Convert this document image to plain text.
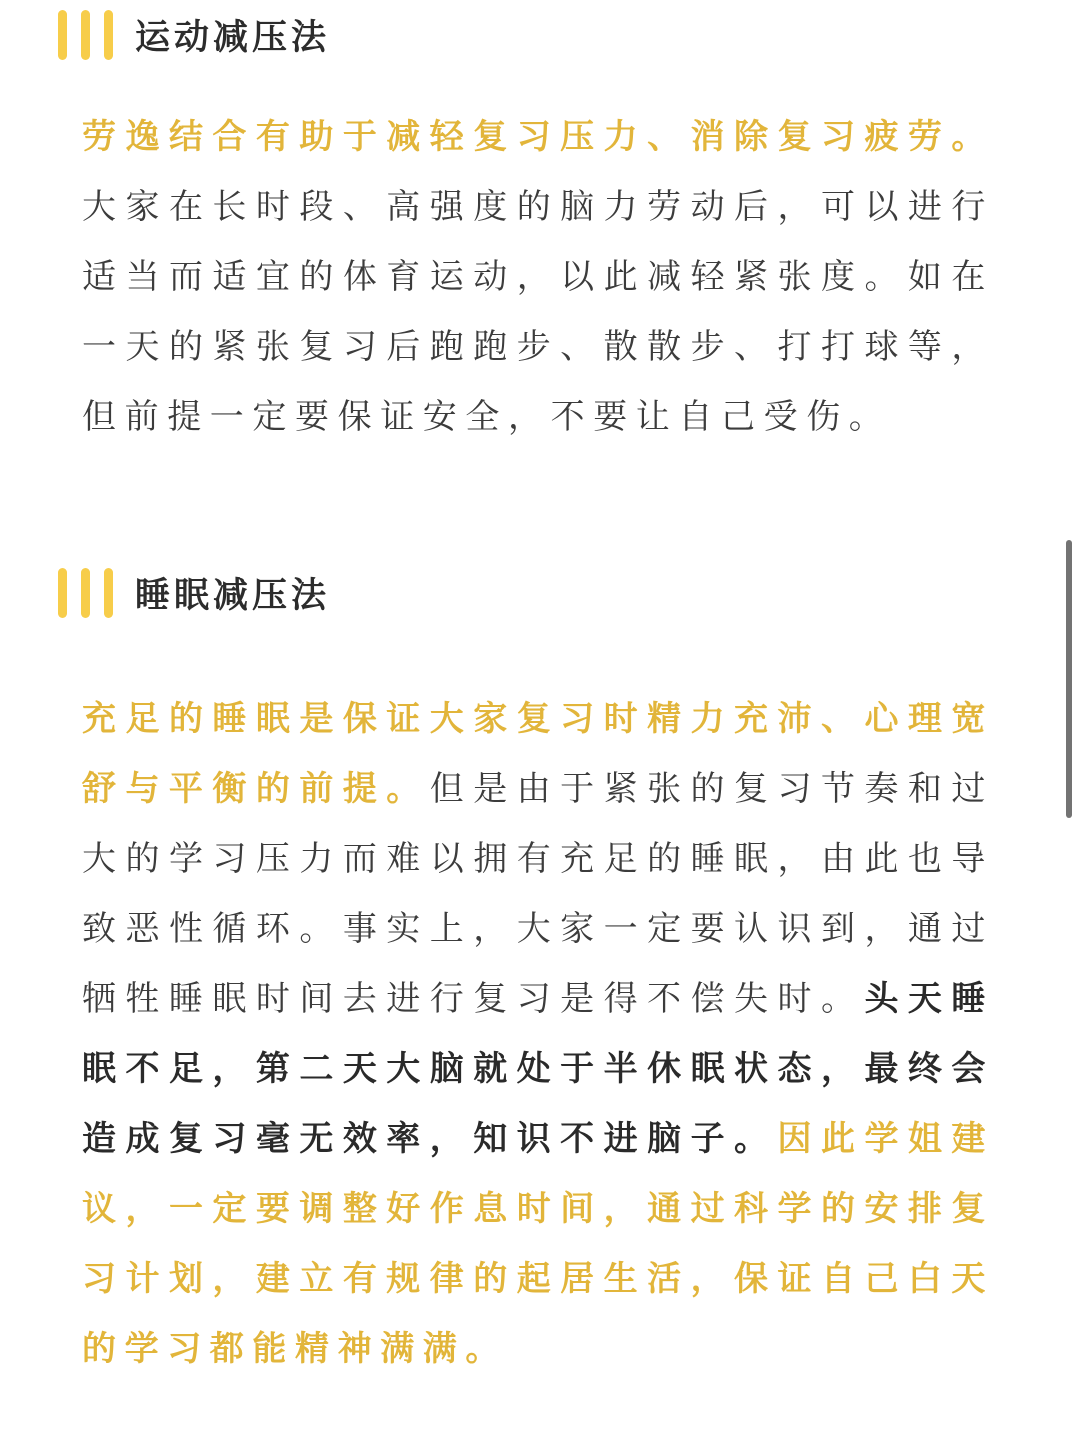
运动减压法

劳逸结合有助于减轻复习压力、消除复习疲劳。大家在长时段、高强度的脑力劳动后，可以进行适当而适宜的体育运动，以此减轻紧张度。如在一天的紧张复习后跑跑步、散散步、打打球等，但前提一定要保证安全，不要让自己受伤。

睡眠减压法

充足的睡眠是保证大家复习时精力充沛、心理宽舒与平衡的前提。但是由于紧张的复习节奏和过大的学习压力而难以拥有充足的睡眠，由此也导致恶性循环。事实上，大家一定要认识到，通过牺牲睡眠时间去进行复习是得不偿失时。头天睡眠不足，第二天大脑就处于半休眠状态，最终会造成复习毫无效率，知识不进脑子。因此学姐建议，一定要调整好作息时间，通过科学的安排复习计划，建立有规律的起居生活，保证自己白天的学习都能精神满满。
